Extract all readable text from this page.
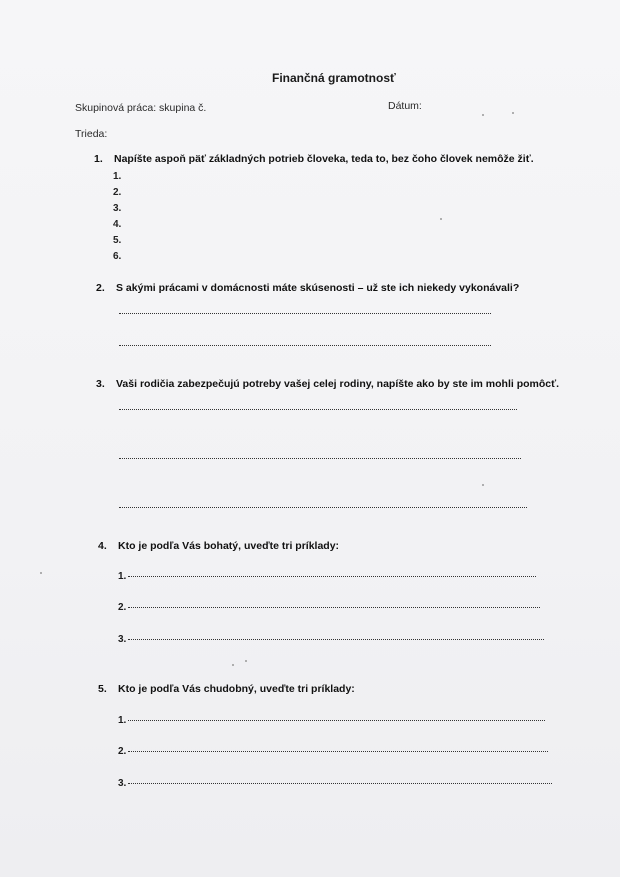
Finančná gramotnosť
Skupinová práca: skupina č.	Dátum:
Trieda:
1. Napíšte aspoň päť základných potrieb človeka, teda to, bez čoho človek nemôže žiť.
1.
2.
3.
4.
5.
6.
2. S akými prácami v domácnosti máte skúsenosti – už ste ich niekedy vykonávali?
3. Vaši rodičia zabezpečujú potreby vašej celej rodiny, napíšte ako by ste im mohli pomôcť.
4. Kto je podľa Vás bohatý, uveďte tri príklady:
1.
2.
3.
5. Kto je podľa Vás chudobný, uveďte tri príklady:
1.
2.
3.
